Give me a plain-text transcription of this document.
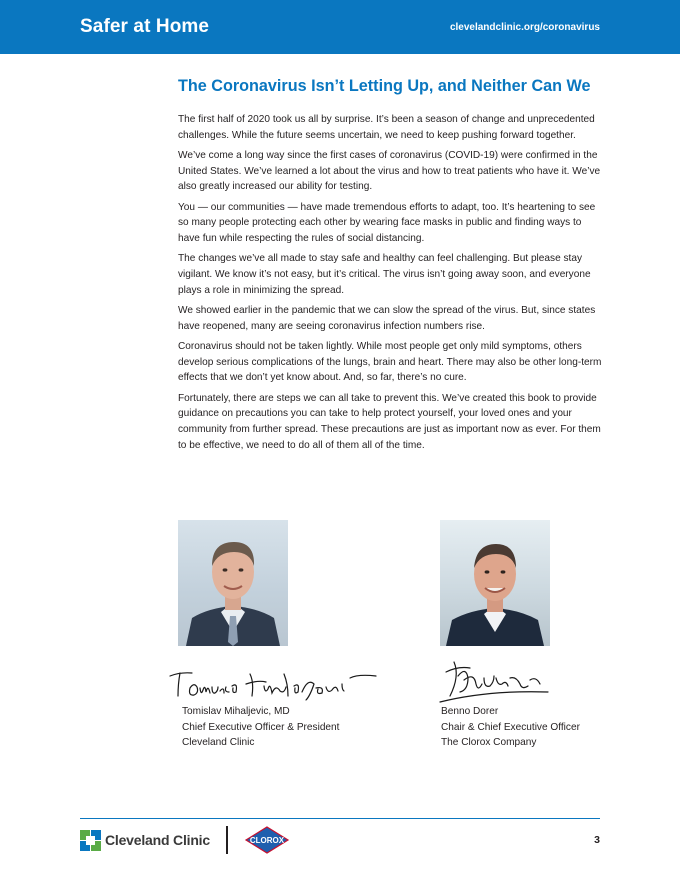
Safer at Home	clevelandclinic.org/coronavirus
The Coronavirus Isn’t Letting Up, and Neither Can We

The first half of 2020 took us all by surprise. It’s been a season of change and unprecedented challenges. While the future seems uncertain, we need to keep pushing forward together.

We’ve come a long way since the first cases of coronavirus (COVID-19) were confirmed in the United States. We’ve learned a lot about the virus and how to treat patients who have it. We’ve also greatly increased our ability for testing.

You — our communities — have made tremendous efforts to adapt, too. It’s heartening to see so many people protecting each other by wearing face masks in public and finding ways to have fun while respecting the rules of social distancing.

The changes we’ve all made to stay safe and healthy can feel challenging. But please stay vigilant. We know it’s not easy, but it’s critical. The virus isn’t going away soon, and everyone plays a role in minimizing the spread.

We showed earlier in the pandemic that we can slow the spread of the virus. But, since states have reopened, many are seeing coronavirus infection numbers rise.

Coronavirus should not be taken lightly. While most people get only mild symptoms, others develop serious complications of the lungs, brain and heart. There may also be other long-term effects that we don’t yet know about. And, so far, there’s no cure.

Fortunately, there are steps we can all take to prevent this. We’ve created this book to provide guidance on precautions you can take to help protect yourself, your loved ones and your community from further spread. These precautions are just as important now as ever. For them to be effective, we need to do all of them all of the time.

Tomislav Mihaljevic, MD
Chief Executive Officer & President
Cleveland Clinic
Benno Dorer
Chair & Chief Executive Officer
The Clorox Company
Cleveland Clinic	CLOROX	3
